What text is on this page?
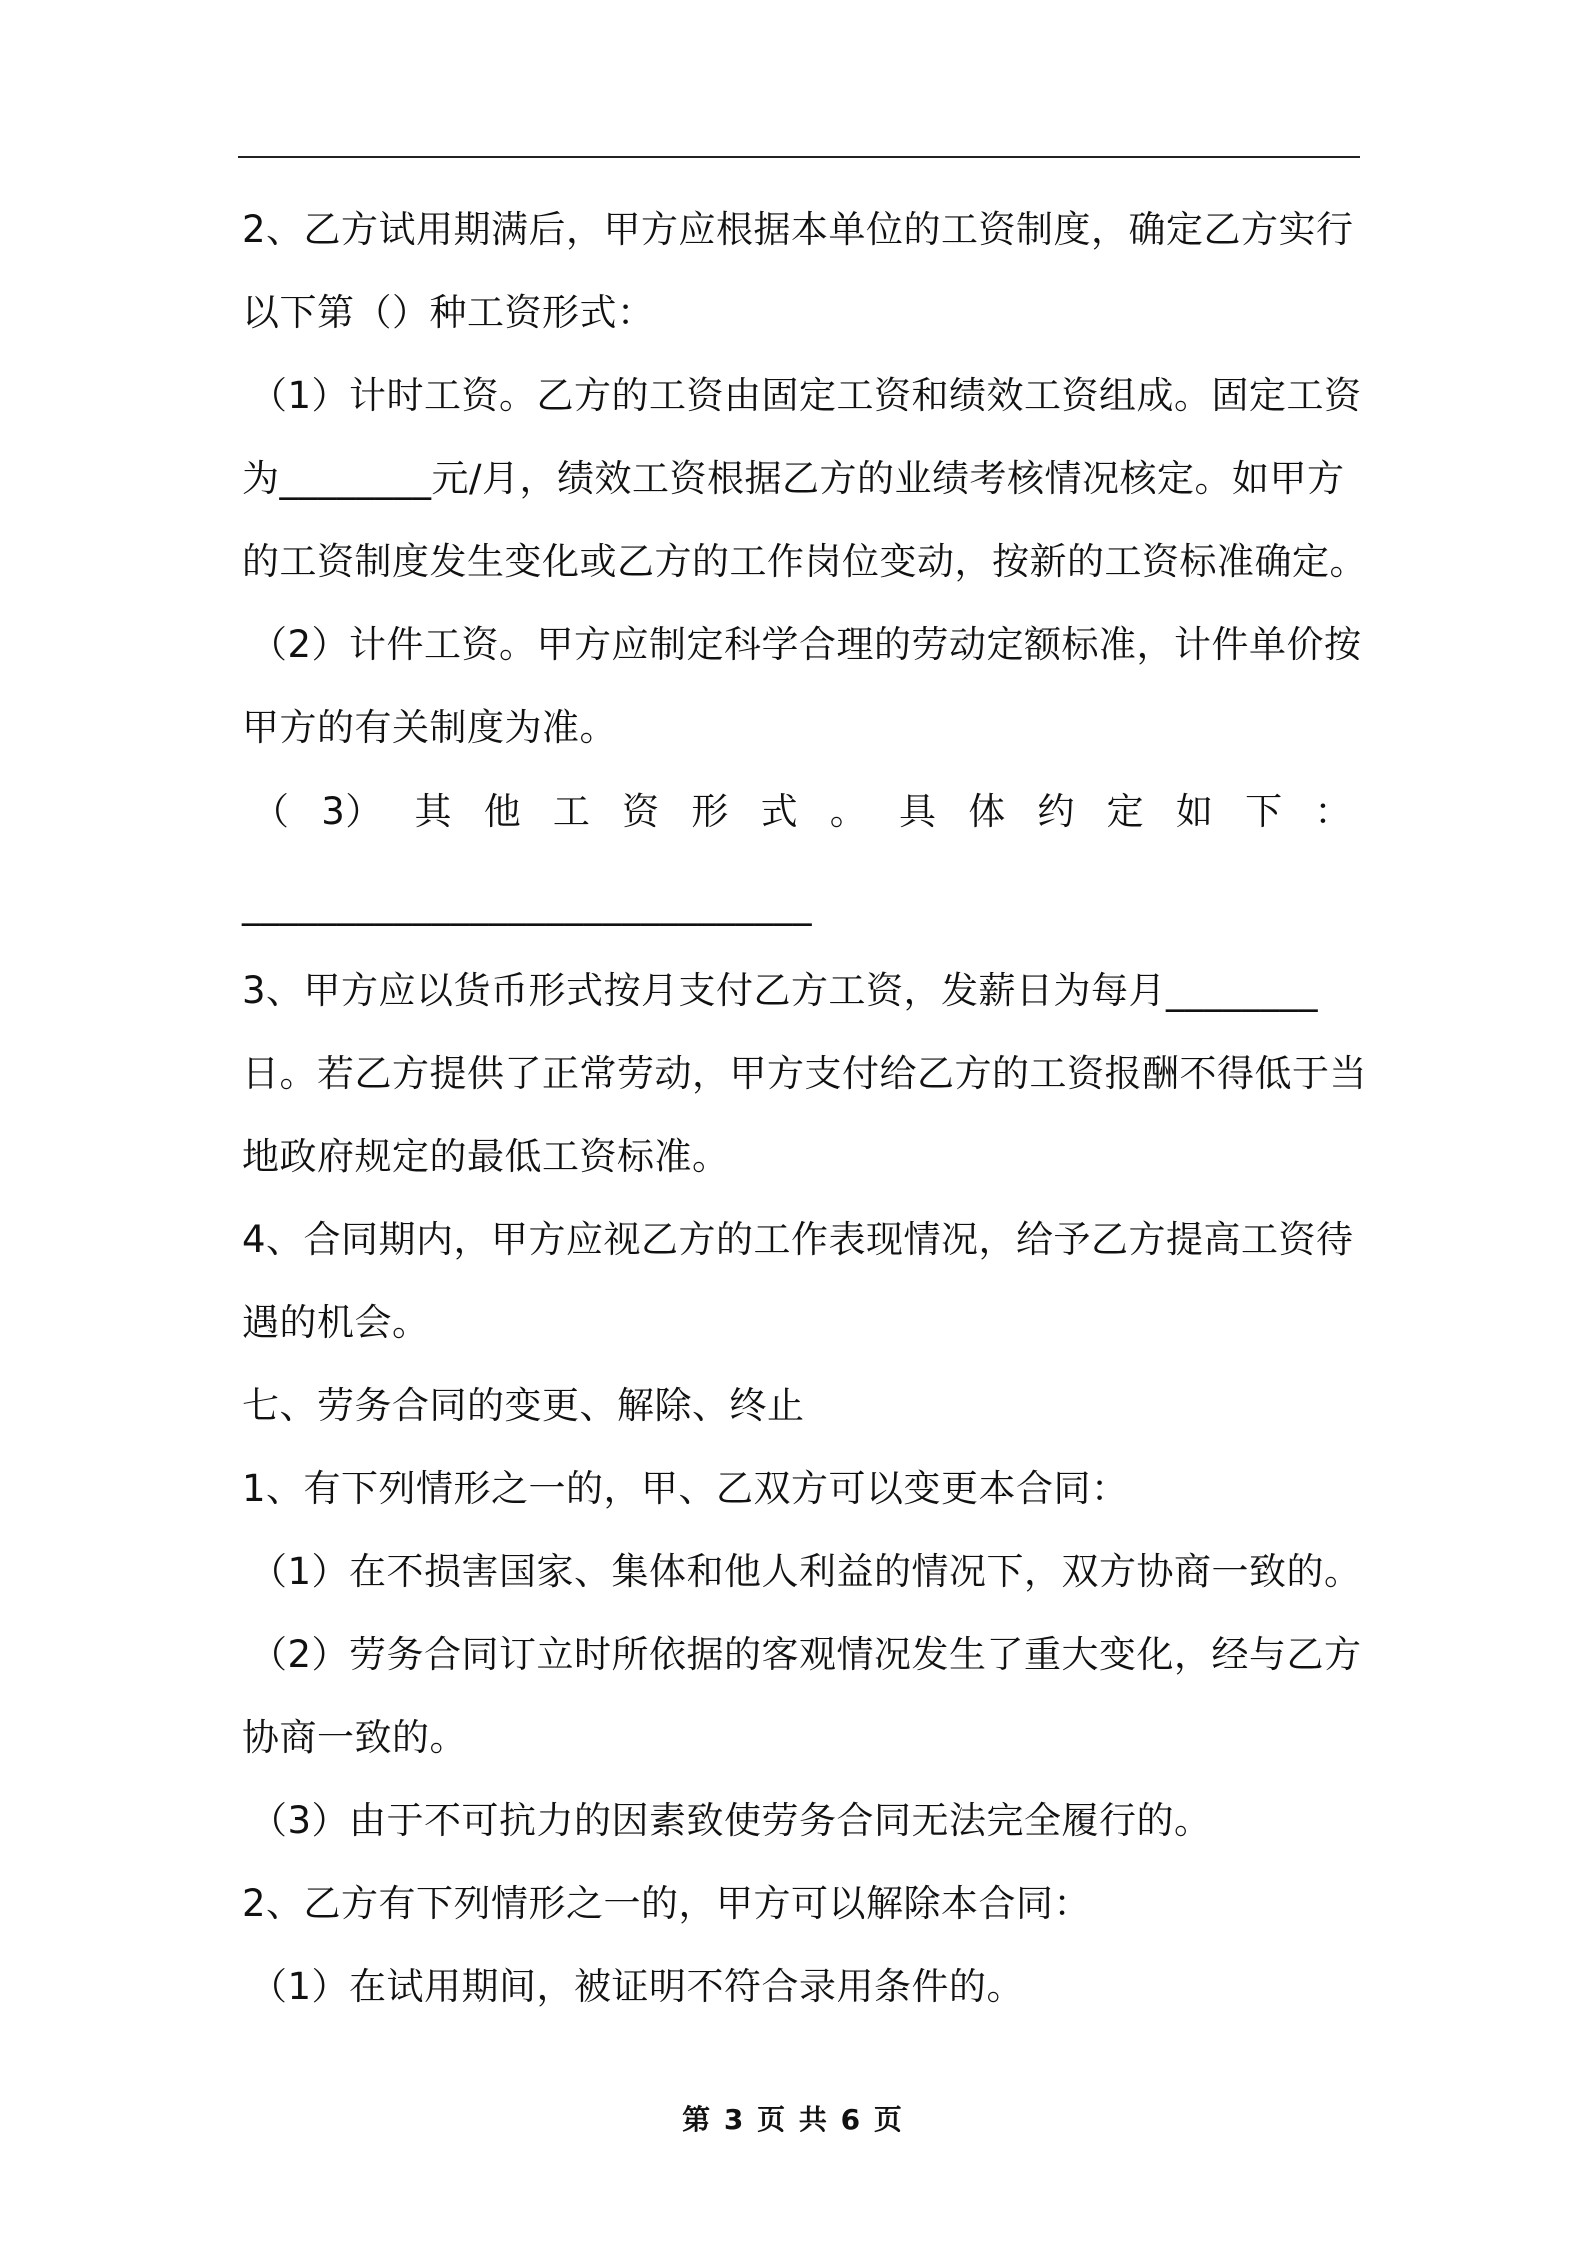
2、乙方试用期满后，甲方应根据本单位的工资制度，确定乙方实行
以下第（）种工资形式：
（1）计时工资。乙方的工资由固定工资和绩效工资组成。固定工资
为________元/月，绩效工资根据乙方的业绩考核情况核定。如甲方
的工资制度发生变化或乙方的工作岗位变动，按新的工资标准确定。
（2）计件工资。甲方应制定科学合理的劳动定额标准，计件单价按
甲方的有关制度为准。
（ 3） 其 他 工 资 形 式 。 具 体 约 定 如 下 ：
______________________________
3、甲方应以货币形式按月支付乙方工资，发薪日为每月________
日。若乙方提供了正常劳动，甲方支付给乙方的工资报酬不得低于当
地政府规定的最低工资标准。
4、合同期内，甲方应视乙方的工作表现情况，给予乙方提高工资待
遇的机会。
七、劳务合同的变更、解除、终止
1、有下列情形之一的，甲、乙双方可以变更本合同：
（1）在不损害国家、集体和他人利益的情况下，双方协商一致的。
（2）劳务合同订立时所依据的客观情况发生了重大变化，经与乙方
协商一致的。
（3）由于不可抗力的因素致使劳务合同无法完全履行的。
2、乙方有下列情形之一的，甲方可以解除本合同：
（1）在试用期间，被证明不符合录用条件的。
第 3 页 共 6 页
